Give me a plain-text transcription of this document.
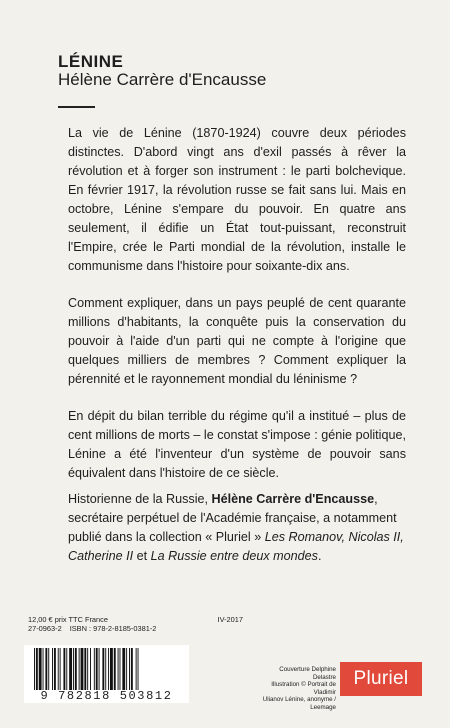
LÉNINE
Hélène Carrère d'Encausse

La vie de Lénine (1870-1924) couvre deux périodes distinctes. D'abord vingt ans d'exil passés à rêver la révolution et à forger son instrument : le parti bolchevique. En février 1917, la révolution russe se fait sans lui. Mais en octobre, Lénine s'empare du pouvoir. En quatre ans seulement, il édifie un État tout-puissant, reconstruit l'Empire, crée le Parti mondial de la révolution, installe le communisme dans l'histoire pour soixante-dix ans.

Comment expliquer, dans un pays peuplé de cent quarante millions d'habitants, la conquête puis la conservation du pouvoir à l'aide d'un parti qui ne compte à l'origine que quelques milliers de membres ? Comment expliquer la pérennité et le rayonnement mondial du léninisme ?

En dépit du bilan terrible du régime qu'il a institué – plus de cent millions de morts – le constat s'impose : génie politique, Lénine a été l'inventeur d'un système de pouvoir sans équivalent dans l'histoire de ce siècle.

Historienne de la Russie, Hélène Carrère d'Encausse, secrétaire perpétuel de l'Académie française, a notamment publié dans la collection « Pluriel » Les Romanov, Nicolas II, Catherine II et La Russie entre deux mondes.

12,00 € prix TTC France	IV-2017
27-0963-2 ISBN : 978-2-8185-0381-2
9 782818 503812
Couverture Delphine Delastre
Illustration © Portrait de Vladimir
Ulianov Lénine, anonyme / Leemage
Pluriel
